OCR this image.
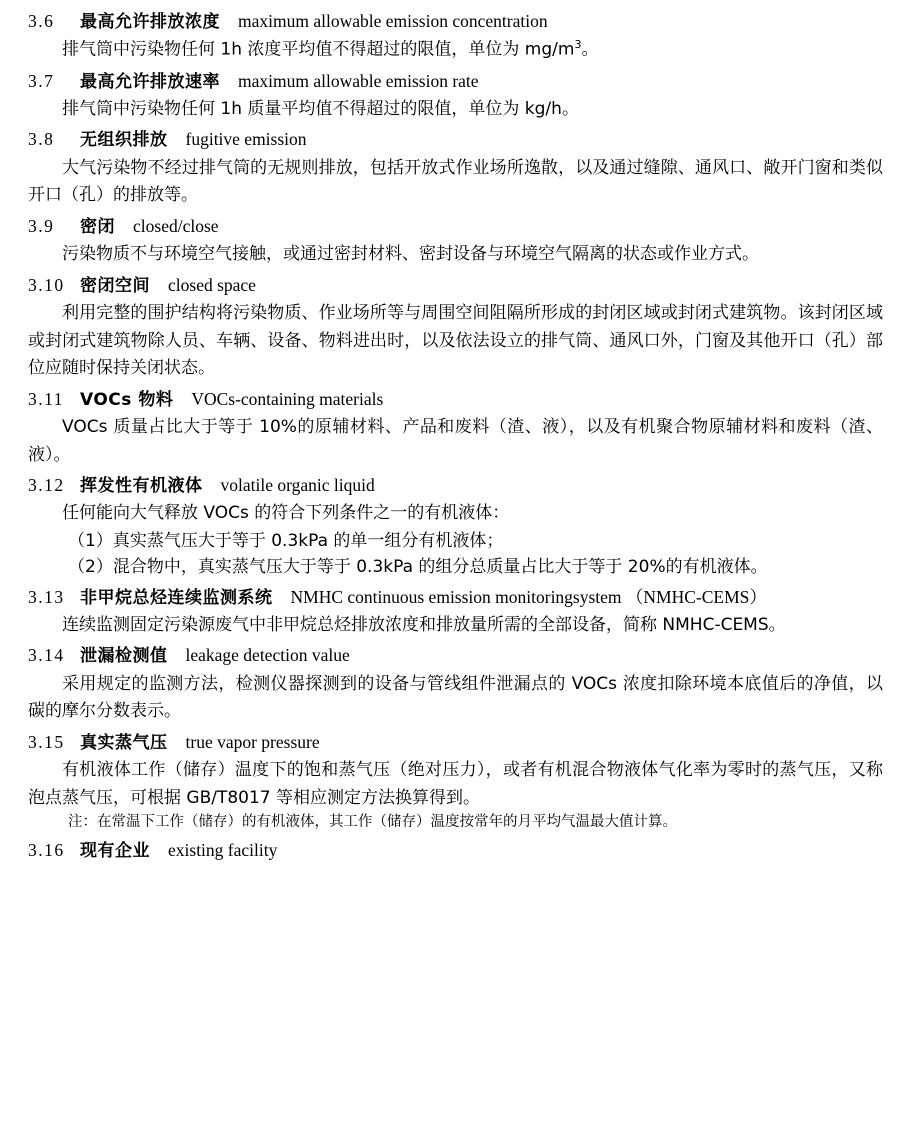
3.6	最高允许排放浓度 maximum allowable emission concentration

排气筒中污染物任何 1h 浓度平均值不得超过的限值，单位为 $mg/m^3$。

3.7	最高允许排放速率 maximum allowable emission rate

排气筒中污染物任何 1h 质量平均值不得超过的限值，单位为 kg/h。

3.8	无组织排放 fugitive emission

大气污染物不经过排气筒的无规则排放，包括开放式作业场所逸散，以及通过缝隙、通风口、敞开门窗和类似开口（孔）的排放等。

3.9	密闭 closed/close

污染物质不与环境空气接触，或通过密封材料、密封设备与环境空气隔离的状态或作业方式。

3.10 密闭空间 closed space

利用完整的围护结构将污染物质、作业场所等与周围空间阻隔所形成的封闭区域或封闭式建筑物。该封闭区域或封闭式建筑物除人员、车辆、设备、物料进出时，以及依法设立的排气筒、通风口外，门窗及其他开口（孔）部位应随时保持关闭状态。

3.11 VOCs 物料 VOCs-containing materials

VOCs 质量占比大于等于 10%的原辅材料、产品和废料（渣、液），以及有机聚合物原辅材料和废料（渣、液）。

3.12 挥发性有机液体 volatile organic liquid

任何能向大气释放 VOCs 的符合下列条件之一的有机液体：

（1）真实蒸气压大于等于 0.3kPa 的单一组分有机液体；
（2）混合物中，真实蒸气压大于等于 0.3kPa 的组分总质量占比大于等于 20%的有机液体。
3.13 非甲烷总烃连续监测系统 NMHC continuous emission monitoringsystem （NMHC-CEMS）

连续监测固定污染源废气中非甲烷总烃排放浓度和排放量所需的全部设备，简称 NMHC-CEMS。

3.14 泄漏检测值 leakage detection value

采用规定的监测方法，检测仪器探测到的设备与管线组件泄漏点的 VOCs 浓度扣除环境本底值后的净值，以碳的摩尔分数表示。

3.15 真实蒸气压 true vapor pressure

有机液体工作（储存）温度下的饱和蒸气压（绝对压力），或者有机混合物液体气化率为零时的蒸气压，又称泡点蒸气压，可根据 GB/T8017 等相应测定方法换算得到。

注：在常温下工作（储存）的有机液体，其工作（储存）温度按常年的月平均气温最大值计算。
3.16 现有企业 existing facility
